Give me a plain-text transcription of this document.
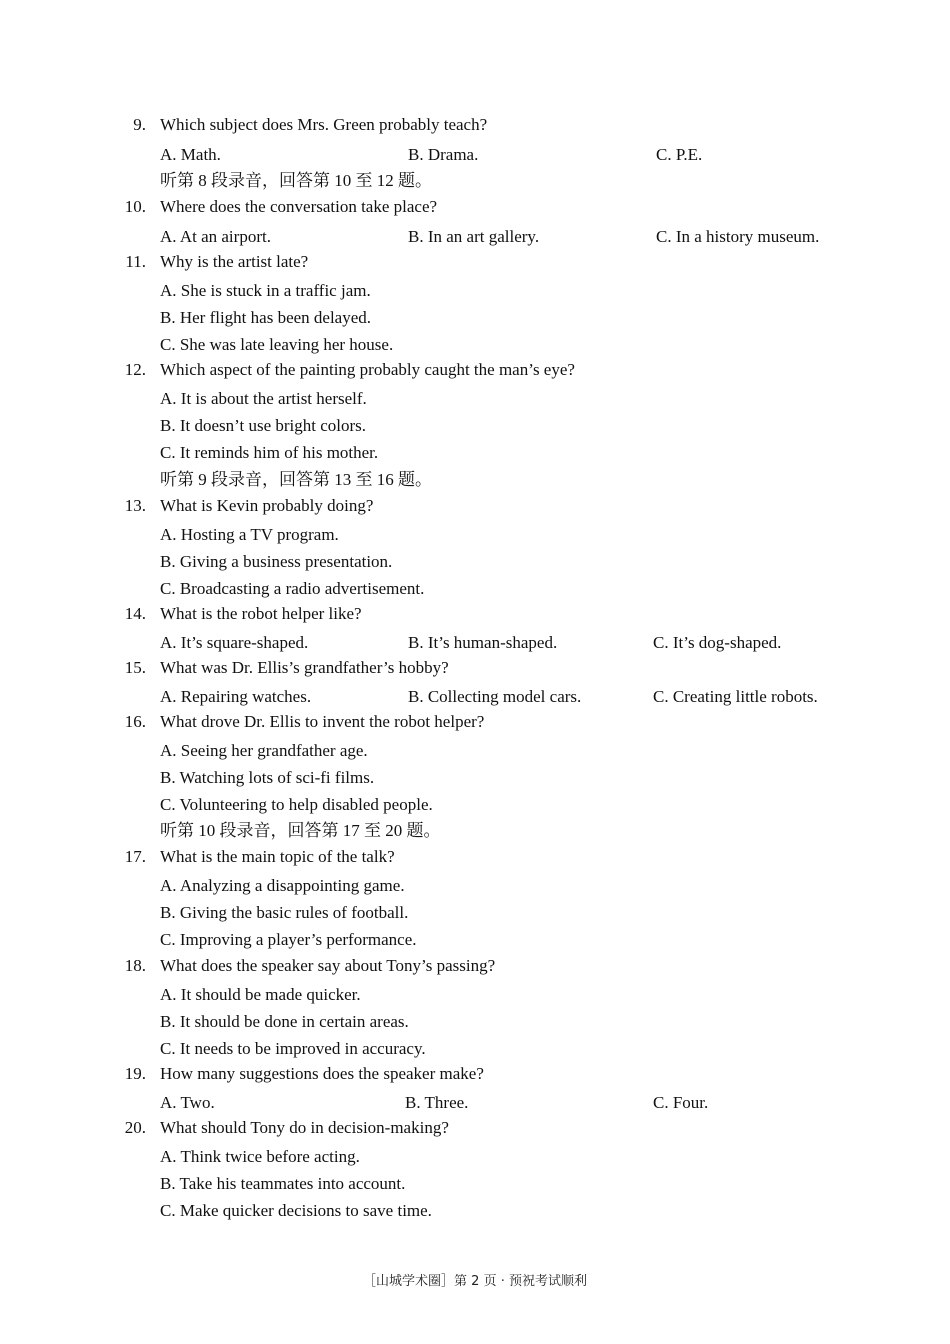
9. Which subject does Mrs. Green probably teach?
A. Math.	B. Drama.	C. P.E.
听第 8 段录音，回答第 10 至 12 题。
10. Where does the conversation take place?
A. At an airport.	B. In an art gallery.	C. In a history museum.
11. Why is the artist late?
A. She is stuck in a traffic jam.
B. Her flight has been delayed.
C. She was late leaving her house.
12. Which aspect of the painting probably caught the man’s eye?
A. It is about the artist herself.
B. It doesn’t use bright colors.
C. It reminds him of his mother.
听第 9 段录音，回答第 13 至 16 题。
13. What is Kevin probably doing?
A. Hosting a TV program.
B. Giving a business presentation.
C. Broadcasting a radio advertisement.
14. What is the robot helper like?
A. It’s square-shaped.	B. It’s human-shaped.	C. It’s dog-shaped.
15. What was Dr. Ellis’s grandfather’s hobby?
A. Repairing watches.	B. Collecting model cars.	C. Creating little robots.
16. What drove Dr. Ellis to invent the robot helper?
A. Seeing her grandfather age.
B. Watching lots of sci-fi films.
C. Volunteering to help disabled people.
听第 10 段录音，回答第 17 至 20 题。
17. What is the main topic of the talk?
A. Analyzing a disappointing game.
B. Giving the basic rules of football.
C. Improving a player’s performance.
18. What does the speaker say about Tony’s passing?
A. It should be made quicker.
B. It should be done in certain areas.
C. It needs to be improved in accuracy.
19. How many suggestions does the speaker make?
A. Two.	B. Three.	C. Four.
20. What should Tony do in decision-making?
A. Think twice before acting.
B. Take his teammates into account.
C. Make quicker decisions to save time.
［山城学术圈］第 2 页 · 预祝考试顺利
